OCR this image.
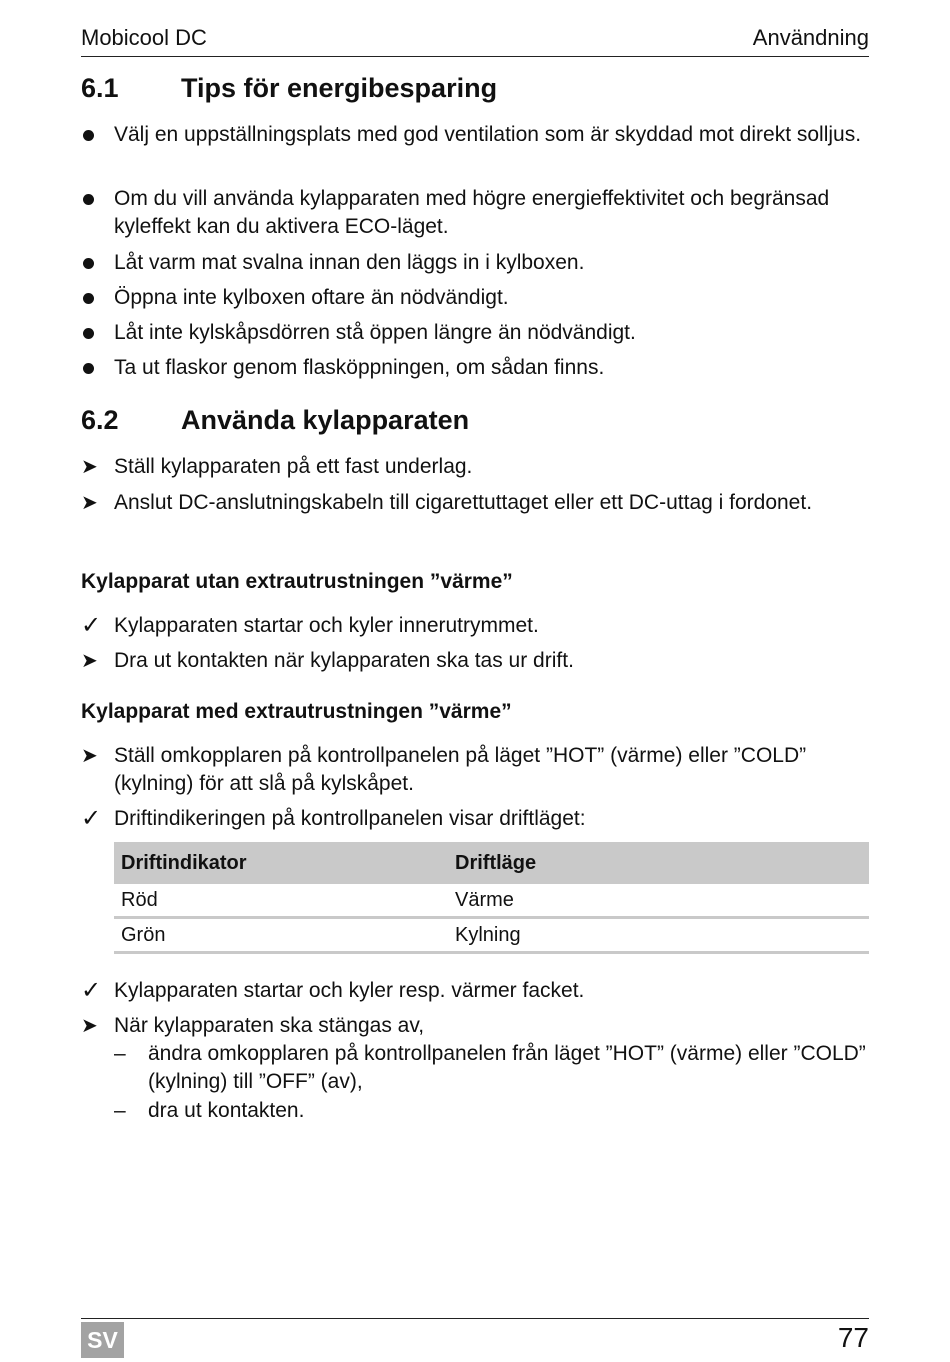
Mobicool DC	Användning
6.1 Tips för energibesparing
Välj en uppställningsplats med god ventilation som är skyddad mot direkt solljus.
Om du vill använda kylapparaten med högre energieffektivitet och begränsad kyleffekt kan du aktivera ECO-läget.
Låt varm mat svalna innan den läggs in i kylboxen.
Öppna inte kylboxen oftare än nödvändigt.
Låt inte kylskåpsdörren stå öppen längre än nödvändigt.
Ta ut flaskor genom flasköppningen, om sådan finns.
6.2 Använda kylapparaten
➤ Ställ kylapparaten på ett fast underlag.
➤ Anslut DC-anslutningskabeln till cigarettuttaget eller ett DC-uttag i fordonet.
Kylapparat utan extrautrustningen ”värme”
✓ Kylapparaten startar och kyler innerutrymmet.
➤ Dra ut kontakten när kylapparaten ska tas ur drift.
Kylapparat med extrautrustningen ”värme”
➤ Ställ omkopplaren på kontrollpanelen på läget ”HOT” (värme) eller ”COLD” (kylning) för att slå på kylskåpet.
✓ Driftindikeringen på kontrollpanelen visar driftläget:
Driftindikator	Driftläge
Röd	Värme
Grön	Kylning
✓ Kylapparaten startar och kyler resp. värmer facket.
➤ När kylapparaten ska stängas av,
– ändra omkopplaren på kontrollpanelen från läget ”HOT” (värme) eller ”COLD” (kylning) till ”OFF” (av),
– dra ut kontakten.
SV	77
